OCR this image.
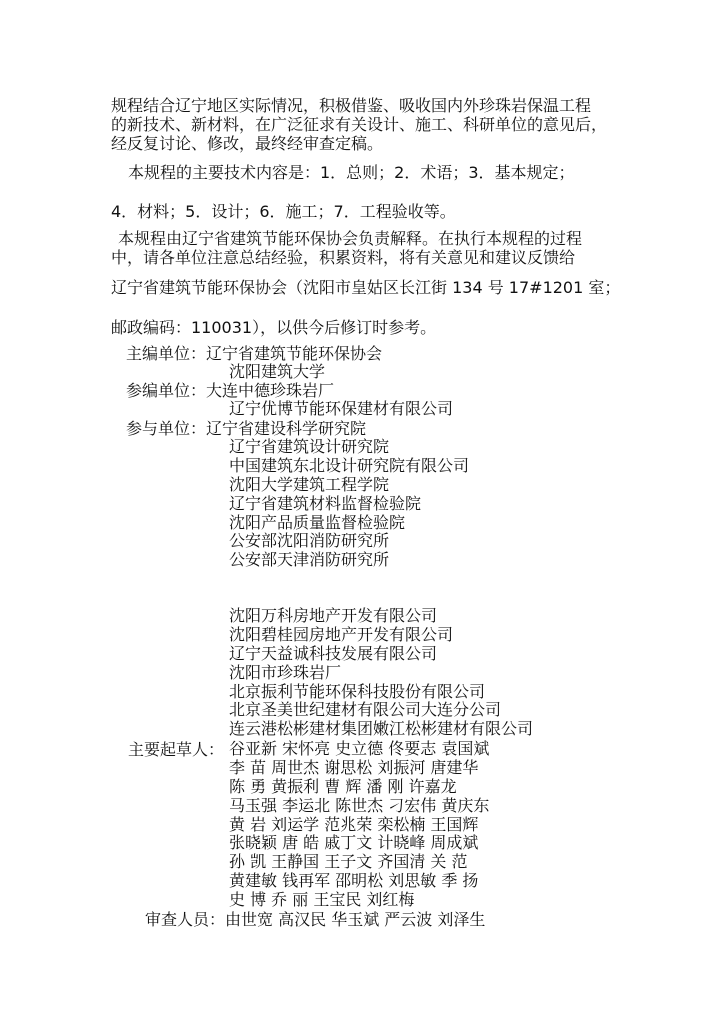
规程结合辽宁地区实际情况，积极借鉴、吸收国内外珍珠岩保温工程
的新技术、新材料，在广泛征求有关设计、施工、科研单位的意见后，
经反复讨论、修改，最终经审查定稿。
本规程的主要技术内容是：1．总则；2．术语；3．基本规定；
4．材料；5．设计；6．施工；7．工程验收等。
本规程由辽宁省建筑节能环保协会负责解释。在执行本规程的过程
中，请各单位注意总结经验，积累资料，将有关意见和建议反馈给
辽宁省建筑节能环保协会（沈阳市皇姑区长江街 134 号 17#1201 室；
邮政编码：110031），以供今后修订时参考。
主编单位：辽宁省建筑节能环保协会
沈阳建筑大学
参编单位：大连中德珍珠岩厂
辽宁优博节能环保建材有限公司
参与单位：辽宁省建设科学研究院
辽宁省建筑设计研究院
中国建筑东北设计研究院有限公司
沈阳大学建筑工程学院
辽宁省建筑材料监督检验院
沈阳产品质量监督检验院
公安部沈阳消防研究所
公安部天津消防研究所
沈阳万科房地产开发有限公司
沈阳碧桂园房地产开发有限公司
辽宁天益诚科技发展有限公司
沈阳市珍珠岩厂
北京振利节能环保科技股份有限公司
北京圣美世纪建材有限公司大连分公司
连云港松彬建材集团嫩江松彬建材有限公司
主要起草人： 谷亚新 宋怀亮 史立德 佟要志 袁国斌
李 苗 周世杰 谢思松 刘振河 唐建华
陈 勇 黄振利 曹 辉 潘 刚 许嘉龙
马玉强 李运北 陈世杰 刁宏伟 黄庆东
黄 岩 刘运学 范兆荣 栾松楠 王国辉
张晓颖 唐 皓 戚丁文 计晓峰 周成斌
孙 凯 王静国 王子文 齐国清 关 范
黄建敏 钱再军 邵明松 刘思敏 季 扬
史 博 乔 丽 王宝民 刘红梅
审查人员：由世宽 高汉民 华玉斌 严云波 刘泽生
